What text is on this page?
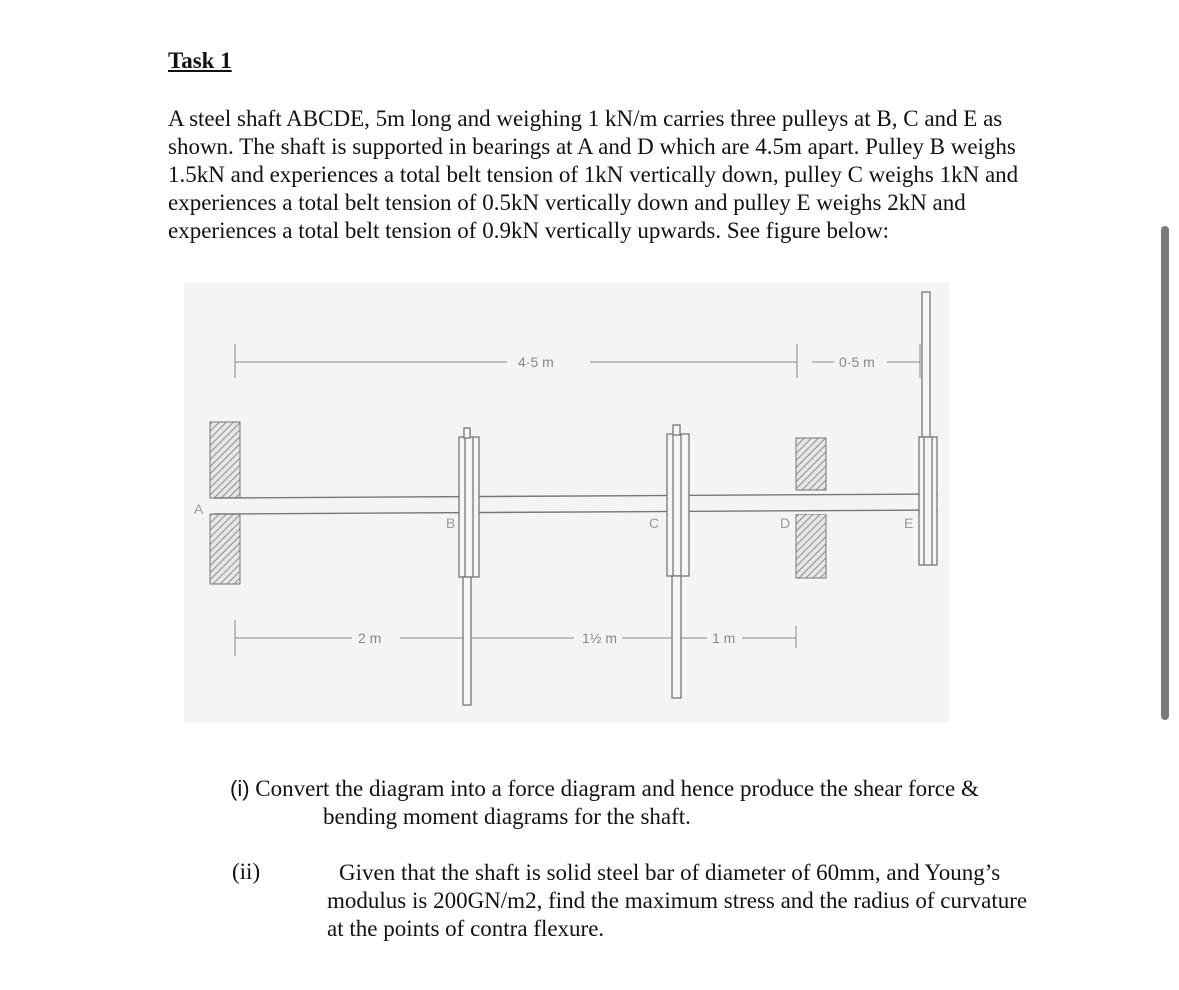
Task 1
A steel shaft ABCDE, 5m long and weighing 1 kN/m carries three pulleys at B, C and E as
shown. The shaft is supported in bearings at A and D which are 4.5m apart. Pulley B weighs
1.5kN and experiences a total belt tension of 1kN vertically down, pulley C weighs 1kN and
experiences a total belt tension of 0.5kN vertically down and pulley E weighs 2kN and
experiences a total belt tension of 0.9kN vertically upwards. See figure below:
4·5 m	0·5 m
A
B	C	D	E
2 m	1½ m	1 m
(i) Convert the diagram into a force diagram and hence produce the shear force &
bending moment diagrams for the shaft.
(ii)	Given that the shaft is solid steel bar of diameter of 60mm, and Young’s
modulus is 200GN/m2, find the maximum stress and the radius of curvature
at the points of contra flexure.
